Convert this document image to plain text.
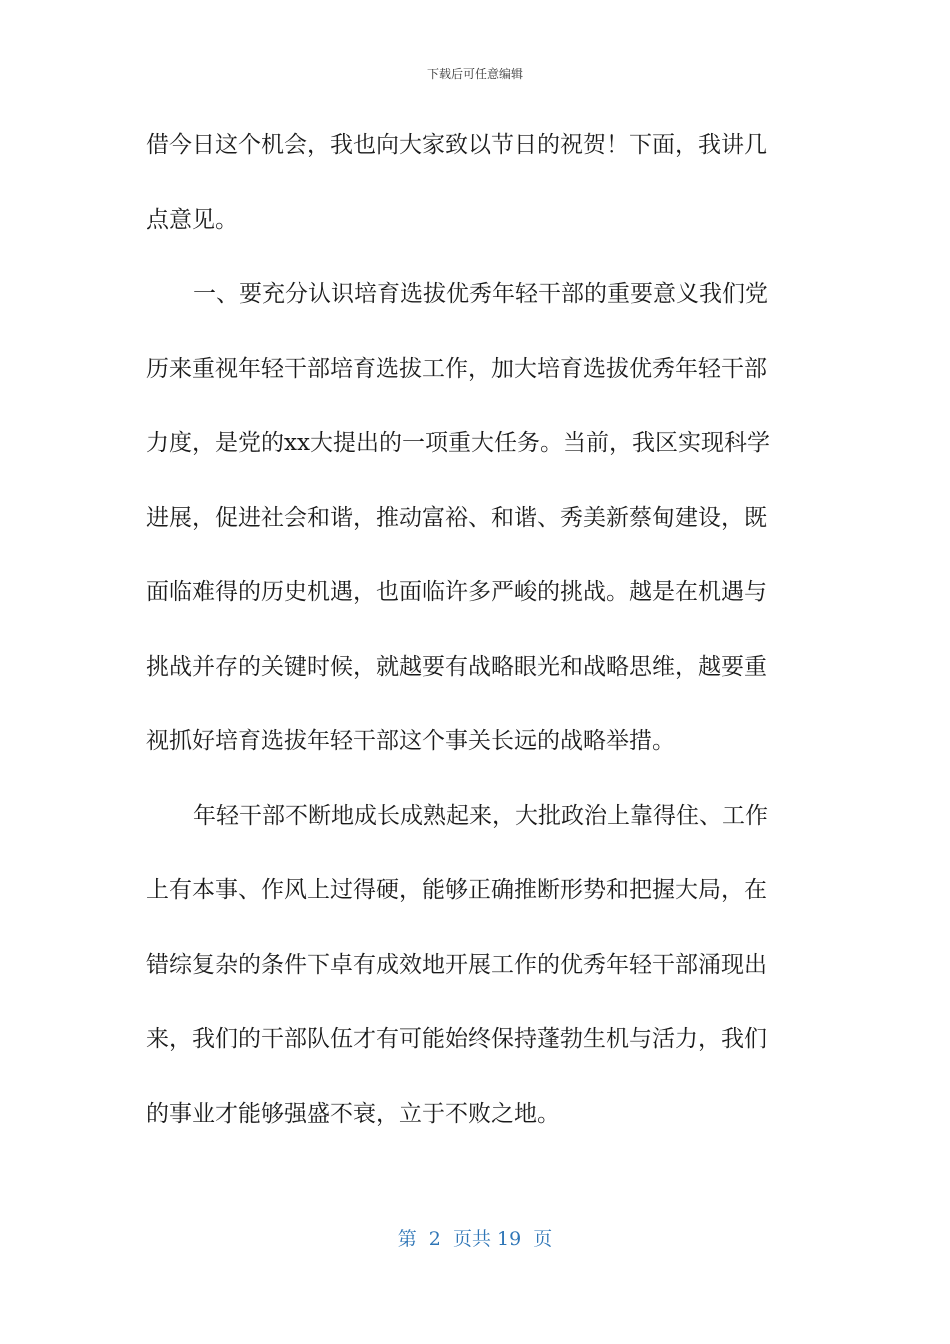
下载后可任意编辑
借今日这个机会，我也向大家致以节日的祝贺！下面，我讲几
点意见。
一、要充分认识培育选拔优秀年轻干部的重要意义我们党
历来重视年轻干部培育选拔工作，加大培育选拔优秀年轻干部
力度，是党的xx大提出的一项重大任务。当前，我区实现科学
进展，促进社会和谐，推动富裕、和谐、秀美新蔡甸建设，既
面临难得的历史机遇，也面临许多严峻的挑战。越是在机遇与
挑战并存的关键时候，就越要有战略眼光和战略思维，越要重
视抓好培育选拔年轻干部这个事关长远的战略举措。
年轻干部不断地成长成熟起来，大批政治上靠得住、工作
上有本事、作风上过得硬，能够正确推断形势和把握大局，在
错综复杂的条件下卓有成效地开展工作的优秀年轻干部涌现出
来，我们的干部队伍才有可能始终保持蓬勃生机与活力，我们
的事业才能够强盛不衰，立于不败之地。
第  2  页共 19  页
